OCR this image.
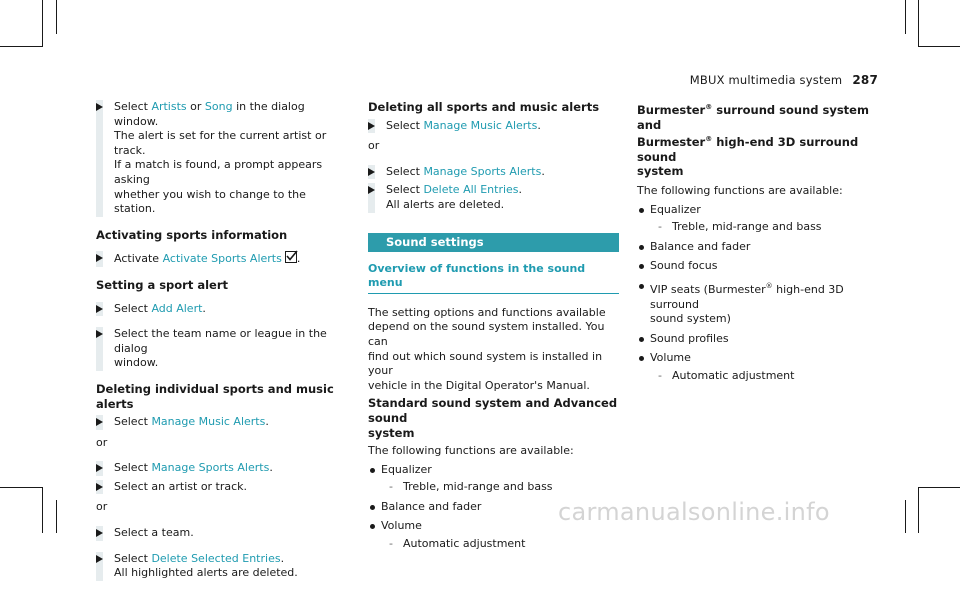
MBUX multimedia system 287
Select Artists or Song in the dialog window.
The alert is set for the current artist or track.
If a match is found, a prompt appears asking
whether you wish to change to the station.
Activating sports information
Activate Activate Sports Alerts .
Setting a sport alert
Select Add Alert.
Select the team name or league in the dialog
window.
Deleting individual sports and music alerts
Select Manage Music Alerts.
or
Select Manage Sports Alerts.
Select an artist or track.
or
Select a team.
Select Delete Selected Entries.
All highlighted alerts are deleted.
Deleting all sports and music alerts
Select Manage Music Alerts.
or
Select Manage Sports Alerts.
Select Delete All Entries.
All alerts are deleted.
Sound settings
Overview of functions in the sound menu
The setting options and functions available
depend on the sound system installed. You can
find out which sound system is installed in your
vehicle in the Digital Operator's Manual.
Standard sound system and Advanced sound
system
The following functions are available:
Equalizer
- Treble, mid-range and bass
Balance and fader
Volume
- Automatic adjustment
Burmester® surround sound system and
Burmester® high-end 3D surround sound
system
The following functions are available:
Equalizer
- Treble, mid-range and bass
Balance and fader
Sound focus
VIP seats (Burmester® high-end 3D surround
sound system)
Sound profiles
Volume
- Automatic adjustment
carmanualsonline.info
